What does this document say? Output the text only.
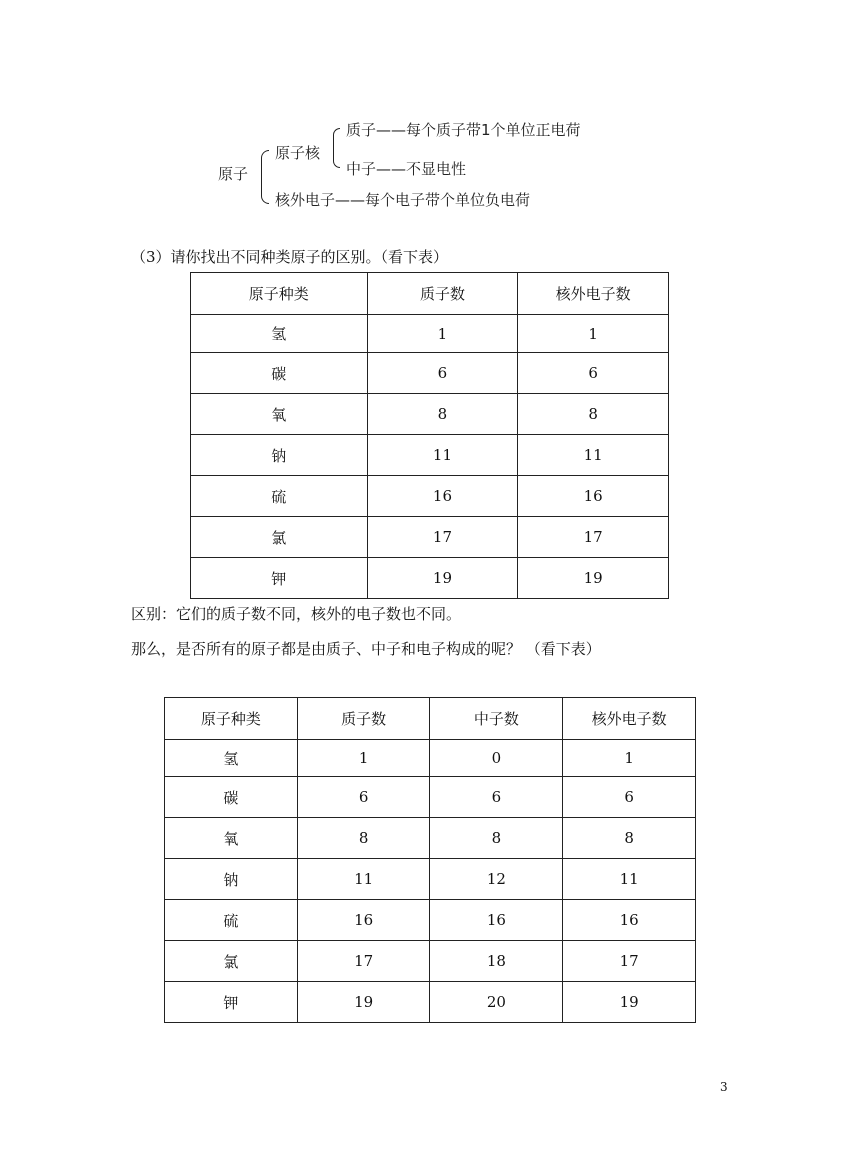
原子
原子核
质子——每个质子带1个单位正电荷
中子——不显电性
核外电子——每个电子带个单位负电荷
（3）请你找出不同种类原子的区别。（看下表）
原子种类	质子数	核外电子数
氢	1	1
碳	6	6
氧	8	8
钠	11	11
硫	16	16
氯	17	17
钾	19	19
区别：它们的质子数不同，核外的电子数也不同。
那么，是否所有的原子都是由质子、中子和电子构成的呢？ （看下表）
原子种类	质子数	中子数	核外电子数
氢	1	0	1
碳	6	6	6
氧	8	8	8
钠	11	12	11
硫	16	16	16
氯	17	18	17
钾	19	20	19
3
